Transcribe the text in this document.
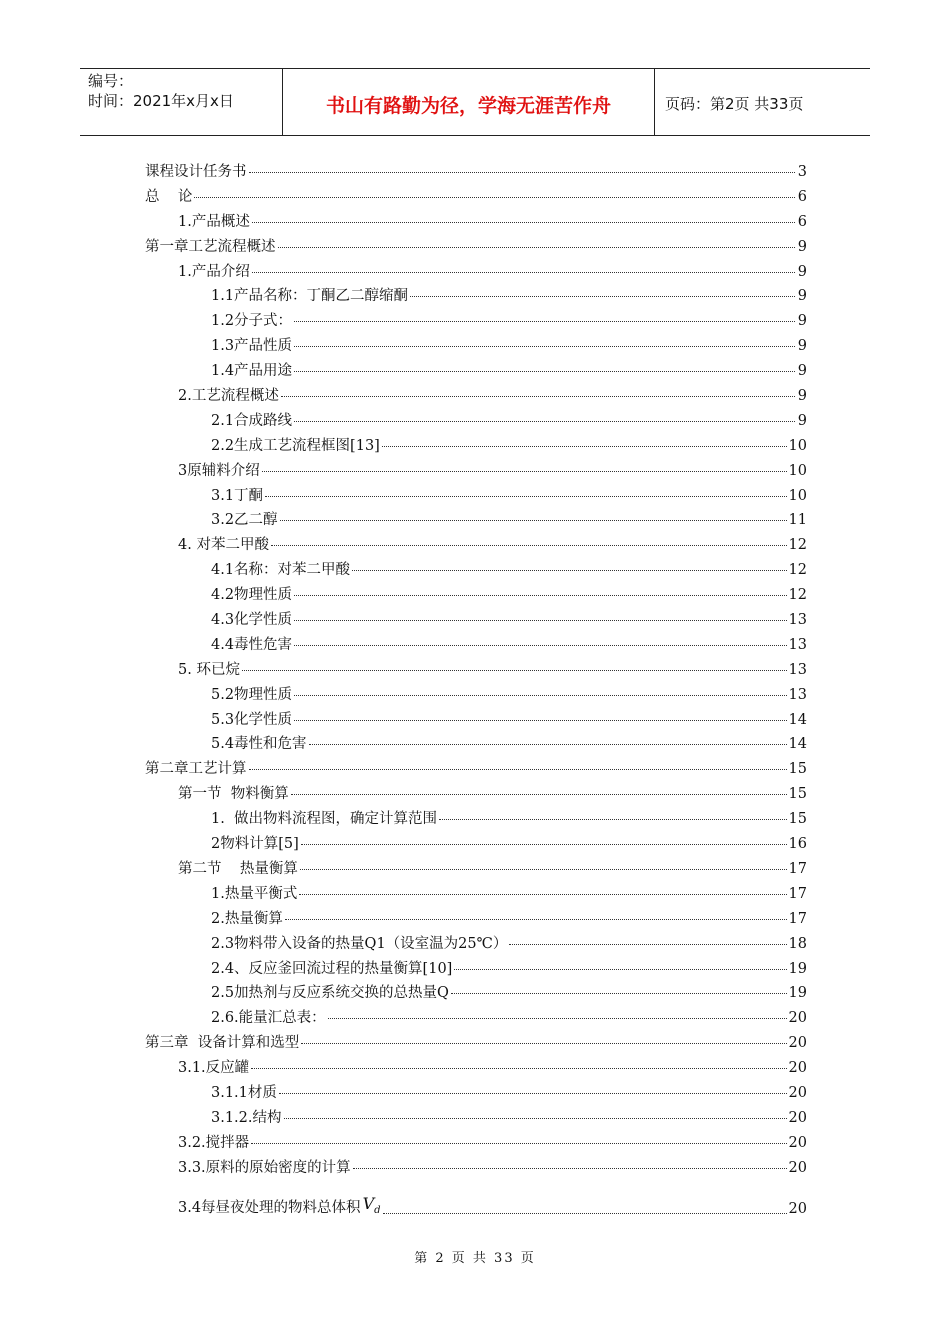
编号：
时间：2021年x月x日	书山有路勤为径，学海无涯苦作舟	页码：第2页 共33页
课程设计任务书	3
总    论	6
1.产品概述	6
第一章工艺流程概述	9
1.产品介绍	9
1.1产品名称：丁酮乙二醇缩酮	9
1.2分子式：	9
1.3产品性质	9
1.4产品用途	9
2.工艺流程概述	9
2.1合成路线	9
2.2生成工艺流程框图[13]	10
3原辅料介绍	10
3.1丁酮	10
3.2乙二醇	11
4. 对苯二甲酸	12
4.1名称：对苯二甲酸	12
4.2物理性质	12
4.3化学性质	13
4.4毒性危害	13
5. 环已烷	13
5.2物理性质	13
5.3化学性质	14
5.4毒性和危害	14
第二章工艺计算	15
第一节  物料衡算	15
1.  做出物料流程图，确定计算范围	15
2物料计算[5]	16
第二节    热量衡算	17
1.热量平衡式	17
2.热量衡算	17
2.3物料带入设备的热量Q1（设室温为25℃）	18
2.4、反应釜回流过程的热量衡算[10]	19
2.5加热剂与反应系统交换的总热量Q	19
2.6.能量汇总表：	20
第三章  设备计算和选型	20
3.1.反应罐	20
3.1.1材质	20
3.1.2.结构	20
3.2.搅拌器	20
3.3.原料的原始密度的计算	20
3.4每昼夜处理的物料总体积 $V_d$	20
第 2 页 共 33 页
